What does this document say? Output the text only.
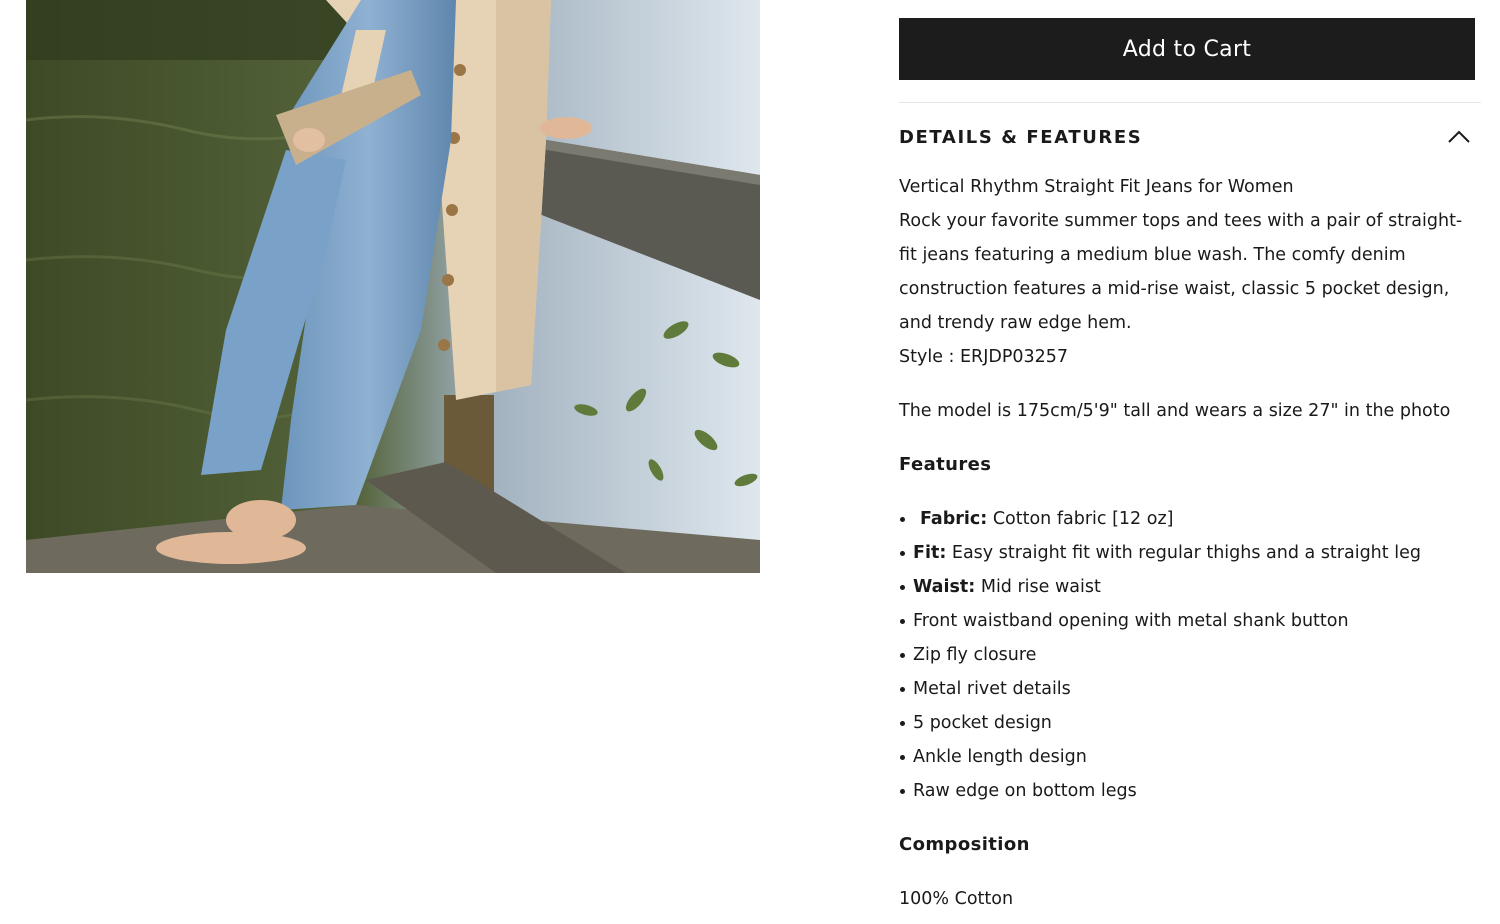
Add to Cart
DETAILS & FEATURES

Vertical Rhythm Straight Fit Jeans for Women

Rock your favorite summer tops and tees with a pair of straight-fit jeans featuring a medium blue wash. The comfy denim construction features a mid-rise waist, classic 5 pocket design, and trendy raw edge hem.

Style : ERJDP03257

The model is 175cm/5'9" tall and wears a size 27" in the photo

Features
Fabric: Cotton fabric [12 oz]
Fit: Easy straight fit with regular thighs and a straight leg
Waist: Mid rise waist
Front waistband opening with metal shank button
Zip fly closure
Metal rivet details
5 pocket design
Ankle length design
Raw edge on bottom legs
Composition

100% Cotton
